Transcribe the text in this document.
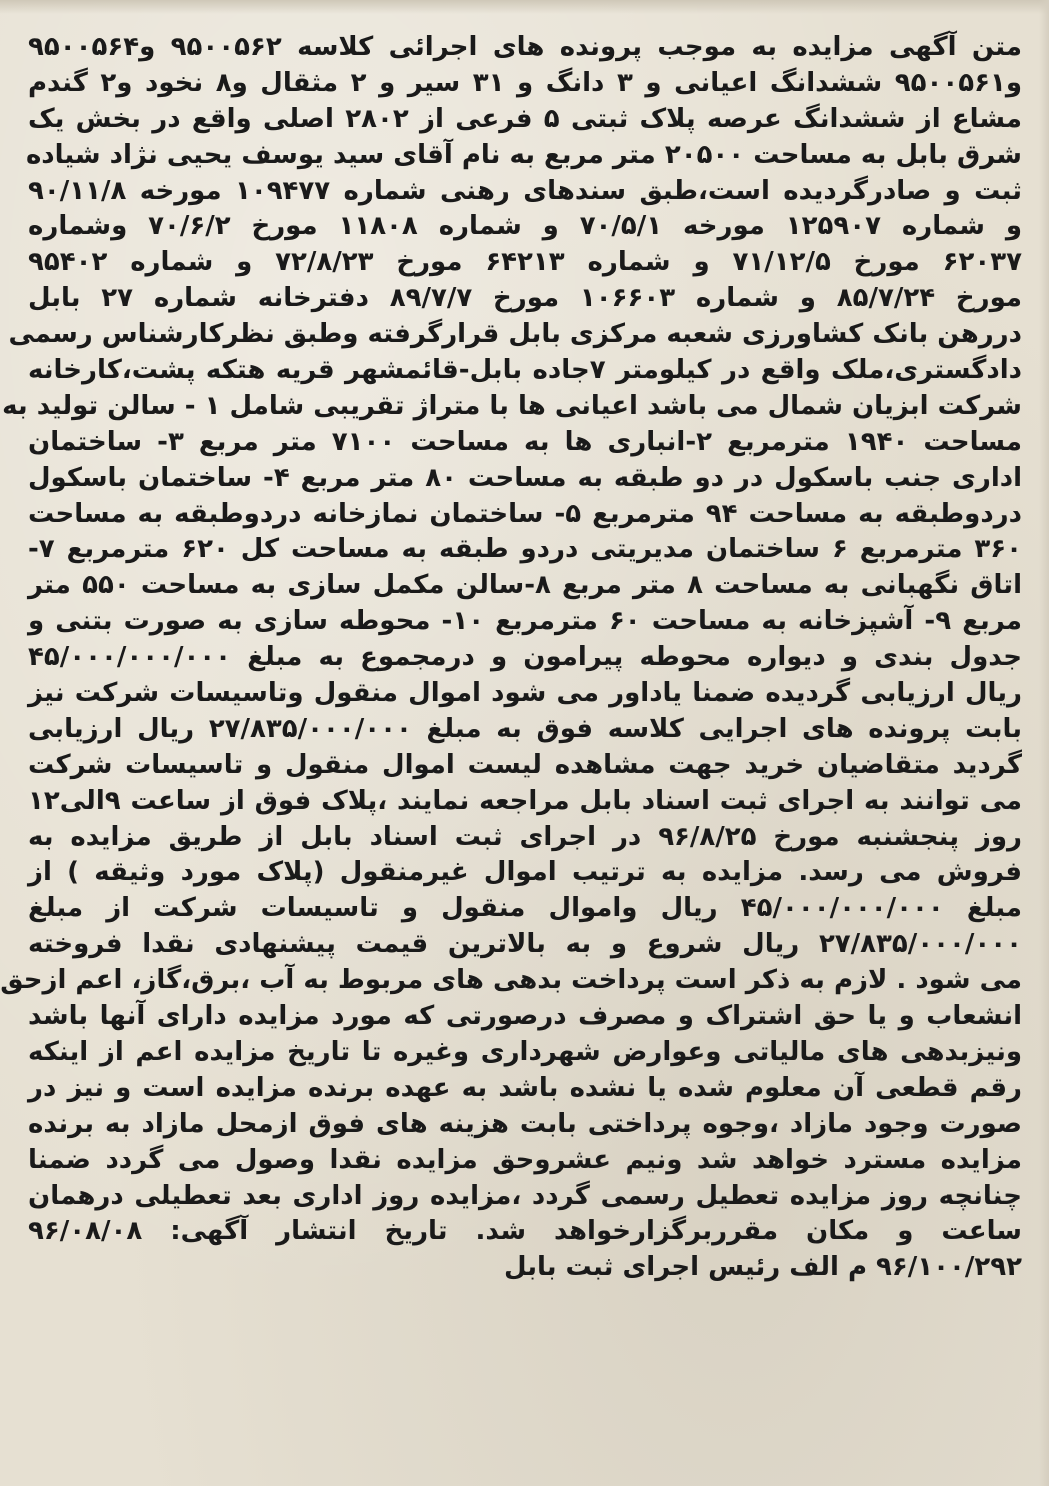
متن آگهی مزایده به موجب پرونده های اجرائی کلاسه ۹۵۰۰۵۶۲ و۹۵۰۰۵۶۴
و۹۵۰۰۵۶۱ ششدانگ اعیانی و ۳ دانگ و ۳۱ سیر و ۲ مثقال و۸ نخود و۲ گندم
مشاع از ششدانگ عرصه پلاک ثبتی ۵ فرعی از ۲۸۰۲ اصلی واقع در بخش یک
شرق بابل به مساحت ۲۰۵۰۰ متر مربع به نام آقای سید یوسف یحیی نژاد شیاده
ثبت و صادرگردیده است،طبق سندهای رهنی شماره ۱۰۹۴۷۷ مورخه ۹۰/۱۱/۸
و شماره ۱۲۵۹۰۷ مورخه ۷۰/۵/۱ و شماره ۱۱۸۰۸ مورخ ۷۰/۶/۲ وشماره
۶۲۰۳۷ مورخ ۷۱/۱۲/۵ و شماره ۶۴۲۱۳ مورخ ۷۲/۸/۲۳ و شماره ۹۵۴۰۲
مورخ ۸۵/۷/۲۴ و شماره ۱۰۶۶۰۳ مورخ ۸۹/۷/۷ دفترخانه شماره ۲۷ بابل
دررهن بانک کشاورزی شعبه مرکزی بابل قرارگرفته وطبق نظرکارشناس رسمی
دادگستری،ملک واقع در کیلومتر ۷جاده بابل-قائمشهر قریه هتکه پشت،کارخانه
شرکت ابزیان شمال می باشد اعیانی ها با متراژ تقریبی شامل ۱ - سالن تولید به
مساحت ۱۹۴۰ مترمربع ۲-انباری ها به مساحت ۷۱۰۰ متر مربع ۳- ساختمان
اداری جنب باسکول در دو طبقه به مساحت ۸۰ متر مربع ۴- ساختمان باسکول
دردوطبقه به مساحت ۹۴ مترمربع ۵- ساختمان نمازخانه دردوطبقه به مساحت
۳۶۰ مترمربع ۶ ساختمان مدیریتی دردو طبقه به مساحت کل ۶۲۰ مترمربع ۷-
اتاق نگهبانی به مساحت ۸ متر مربع ۸-سالن مکمل سازی به مساحت ۵۵۰ متر
مربع ۹- آشپزخانه به مساحت ۶۰ مترمربع ۱۰- محوطه سازی به صورت بتنی و
جدول بندی و دیواره محوطه پیرامون و درمجموع به مبلغ ۴۵/۰۰۰/۰۰۰/۰۰۰
ریال ارزیابی گردیده ضمنا یاداور می شود اموال منقول وتاسیسات شرکت نیز
بابت پرونده های اجرایی کلاسه فوق به مبلغ ۲۷/۸۳۵/۰۰۰/۰۰۰ ریال ارزیابی
گردید متقاضیان خرید جهت مشاهده لیست اموال منقول و تاسیسات شرکت
می توانند به اجرای ثبت اسناد بابل مراجعه نمایند ،پلاک فوق از ساعت ۹الی۱۲
روز پنجشنبه مورخ ۹۶/۸/۲۵ در اجرای ثبت اسناد بابل از طریق مزایده به
فروش می رسد. مزایده به ترتیب اموال غیرمنقول (پلاک مورد وثیقه ) از
مبلغ ۴۵/۰۰۰/۰۰۰/۰۰۰ ریال واموال منقول و تاسیسات شرکت از مبلغ
۲۷/۸۳۵/۰۰۰/۰۰۰ ریال شروع و به بالاترین قیمت پیشنهادی نقدا فروخته
می شود . لازم به ذکر است پرداخت بدهی های مربوط به آب ،برق،گاز، اعم ازحق
انشعاب و یا حق اشتراک و مصرف درصورتی که مورد مزایده دارای آنها باشد
ونیزبدهی های مالیاتی وعوارض شهرداری وغیره تا تاریخ مزایده اعم از اینکه
رقم قطعی آن معلوم شده یا نشده باشد به عهده برنده مزایده است و نیز در
صورت وجود مازاد ،وجوه پرداختی بابت هزینه های فوق ازمحل مازاد به برنده
مزایده مسترد خواهد شد ونیم عشروحق مزایده نقدا وصول می گردد ضمنا
چنانچه روز مزایده تعطیل رسمی گردد ،مزایده روز اداری بعد تعطیلی درهمان
ساعت و مکان مقرربرگزارخواهد شد. تاریخ انتشار آگهی: ۹۶/۰۸/۰۸
۹۶/۱۰۰/۲۹۲ م الف رئیس اجرای ثبت بابل
